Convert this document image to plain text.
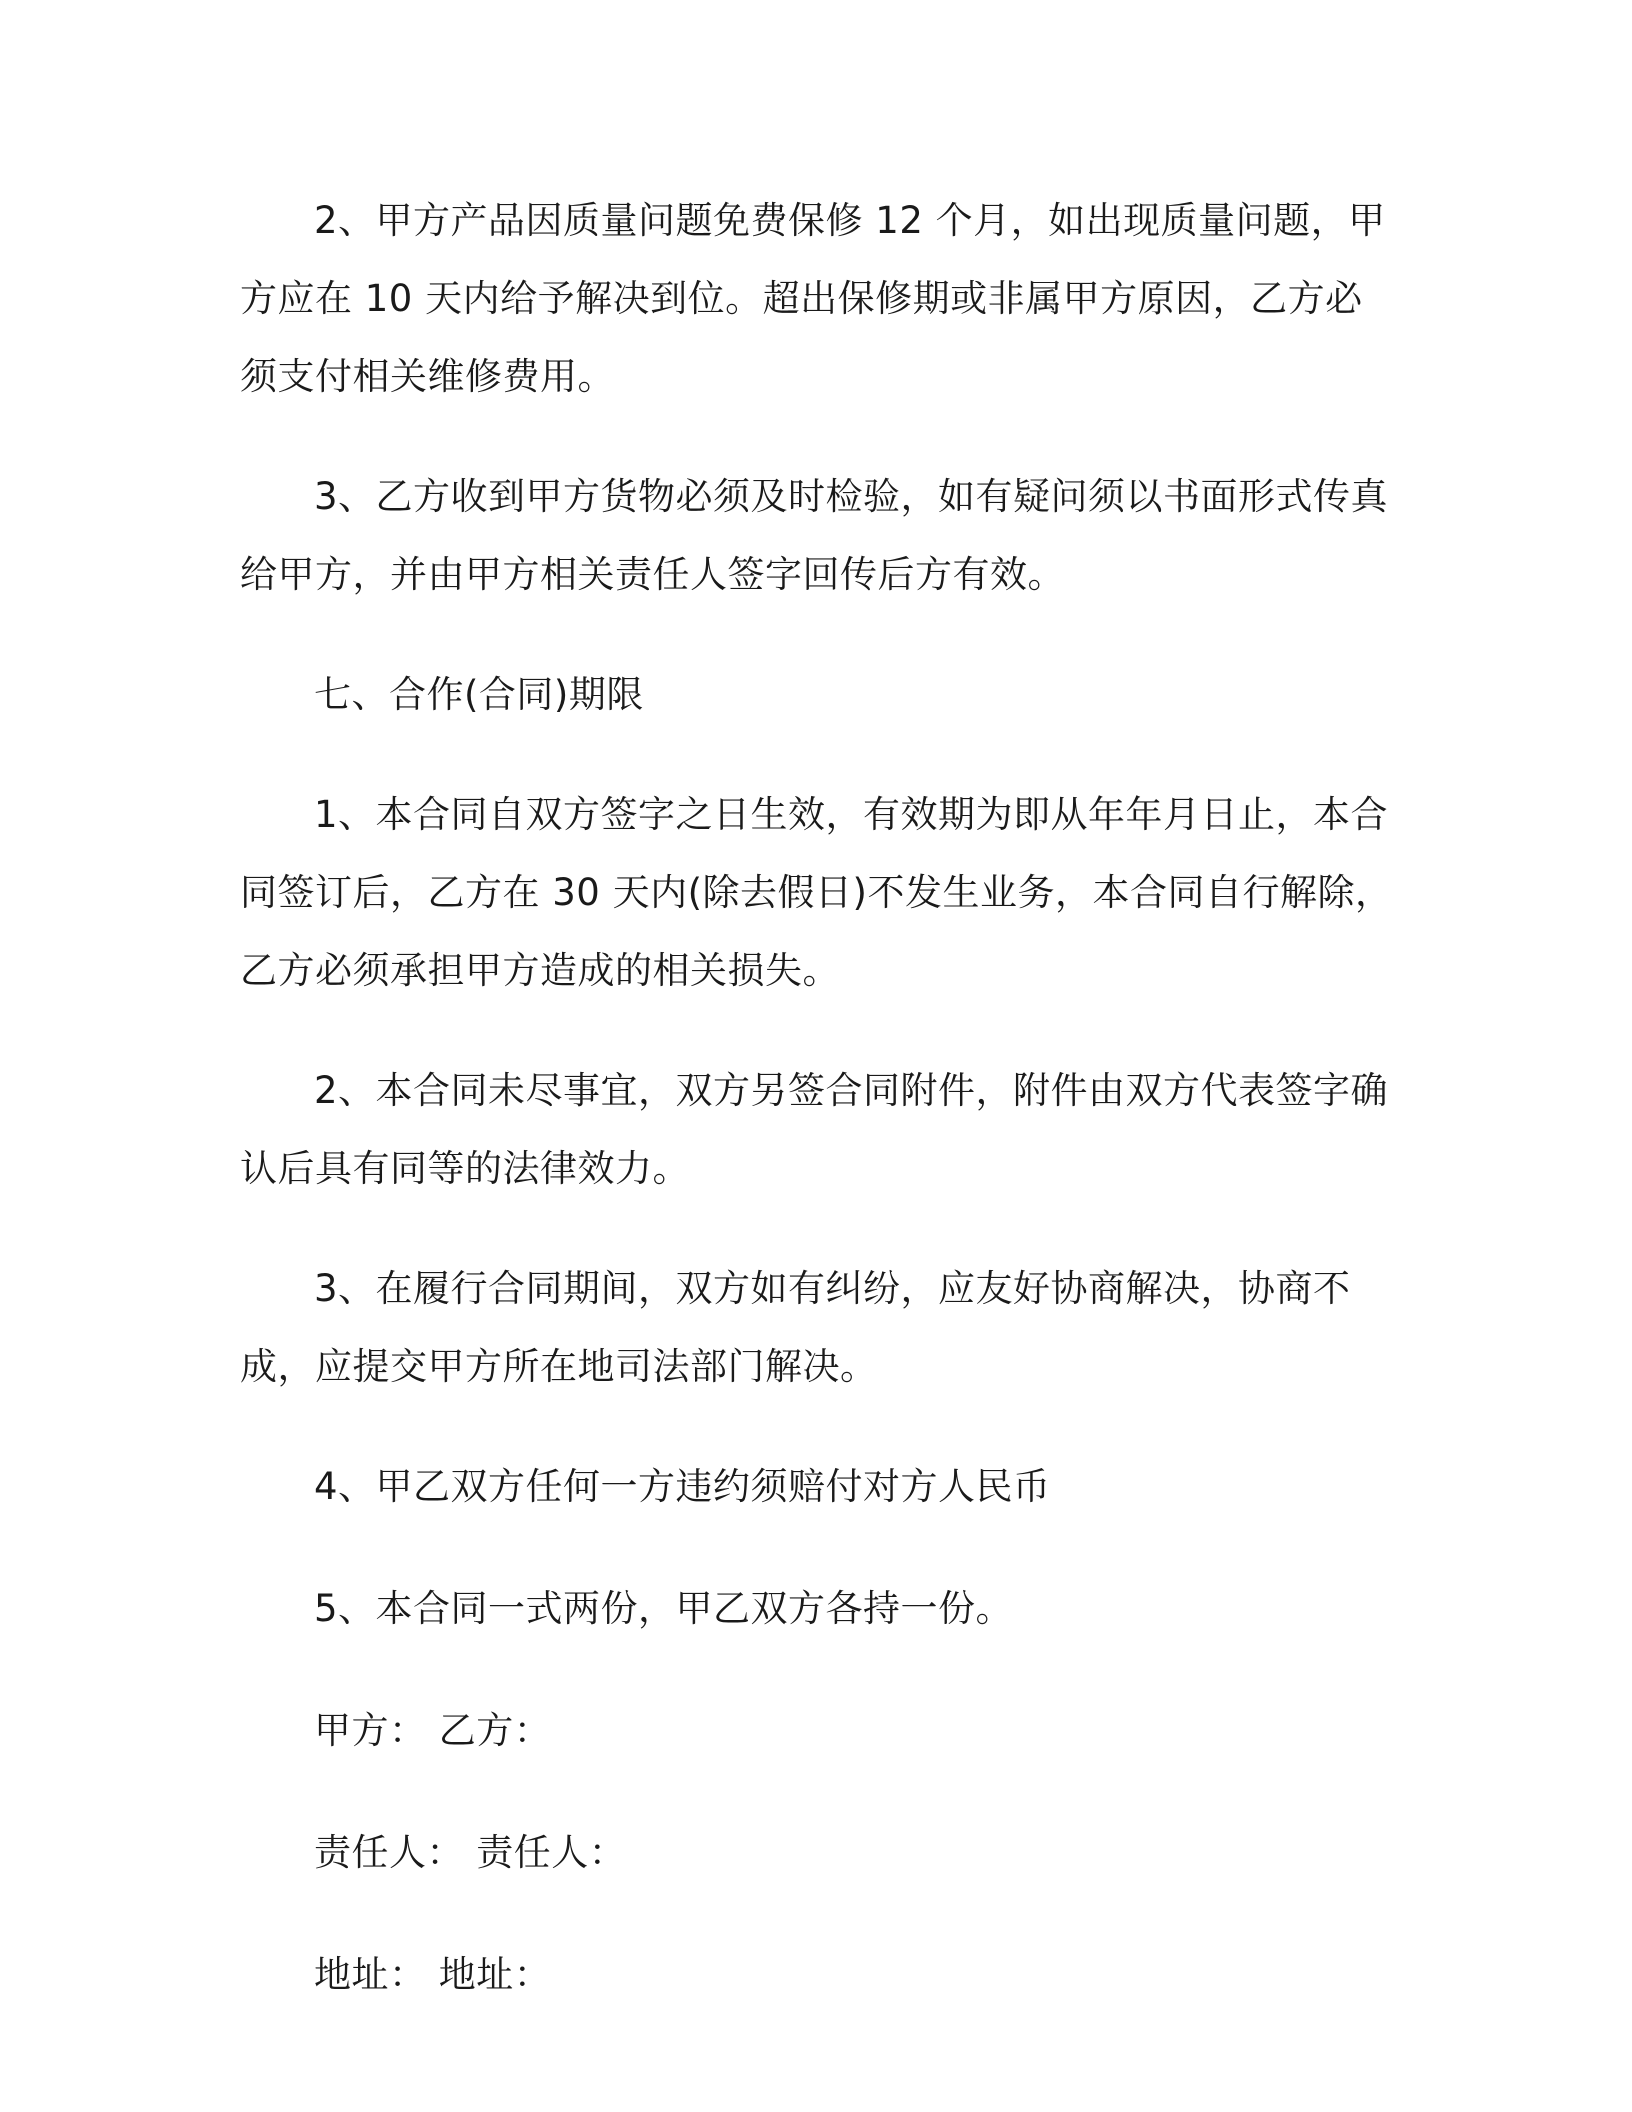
2、甲方产品因质量问题免费保修 12 个月，如出现质量问题，甲方应在 10 天内给予解决到位。超出保修期或非属甲方原因，乙方必须支付相关维修费用。

3、乙方收到甲方货物必须及时检验，如有疑问须以书面形式传真给甲方，并由甲方相关责任人签字回传后方有效。

七、合作(合同)期限

1、本合同自双方签字之日生效，有效期为即从年年月日止，本合同签订后，乙方在 30 天内(除去假日)不发生业务，本合同自行解除，乙方必须承担甲方造成的相关损失。

2、本合同未尽事宜，双方另签合同附件，附件由双方代表签字确认后具有同等的法律效力。

3、在履行合同期间，双方如有纠纷，应友好协商解决，协商不成，应提交甲方所在地司法部门解决。

4、甲乙双方任何一方违约须赔付对方人民币

5、本合同一式两份，甲乙双方各持一份。

甲方： 乙方：

责任人： 责任人：

地址： 地址：
